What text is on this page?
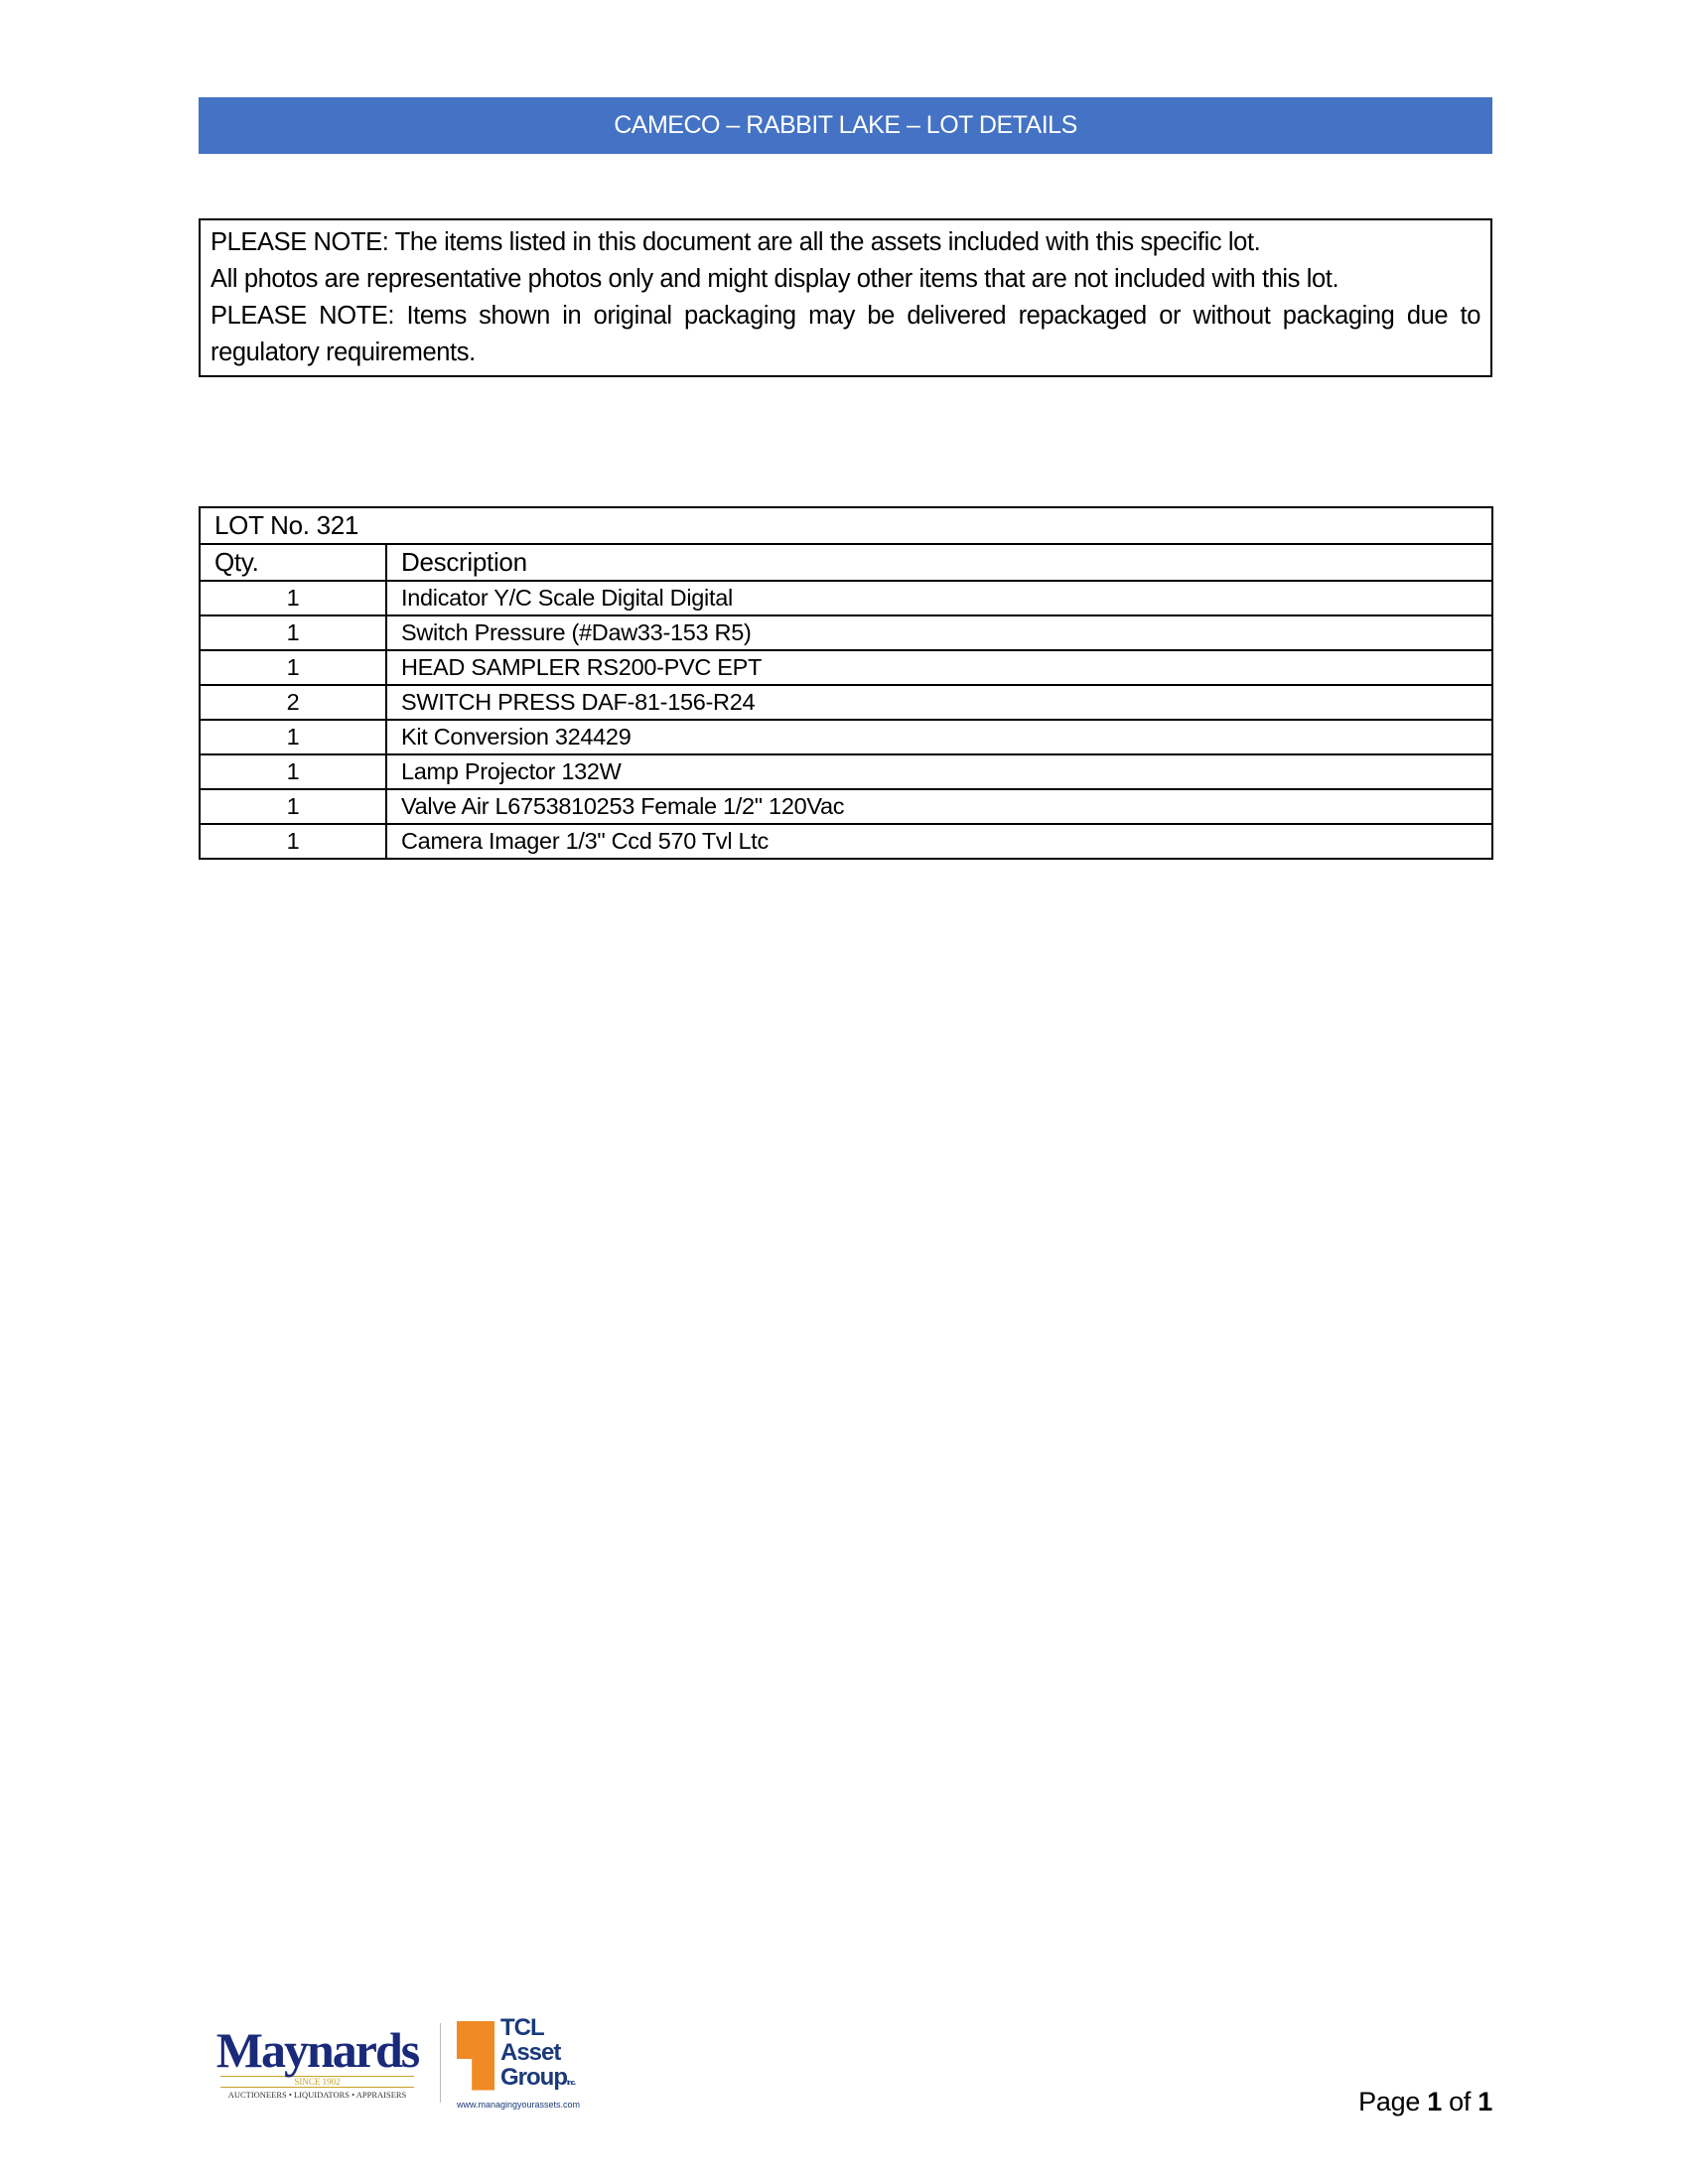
CAMECO – RABBIT LAKE – LOT DETAILS
PLEASE NOTE: The items listed in this document are all the assets included with this specific lot.
All photos are representative photos only and might display other items that are not included with this lot.
PLEASE NOTE: Items shown in original packaging may be delivered repackaged or without packaging due to regulatory requirements.
LOT No. 321	
Qty.	Description
1	Indicator Y/C Scale Digital Digital
1	Switch Pressure (#Daw33-153 R5)
1	HEAD SAMPLER RS200-PVC EPT
2	SWITCH PRESS DAF-81-156-R24
1	Kit Conversion 324429
1	Lamp Projector 132W
1	Valve Air L6753810253 Female 1/2" 120Vac
1	Camera Imager 1/3" Ccd 570 Tvl Ltc
Maynards
SINCE 1902
AUCTIONEERS • LIQUIDATORS • APPRAISERS
TCL
Asset
GroupInc.
www.managingyourassets.com	Page 1 of 1
